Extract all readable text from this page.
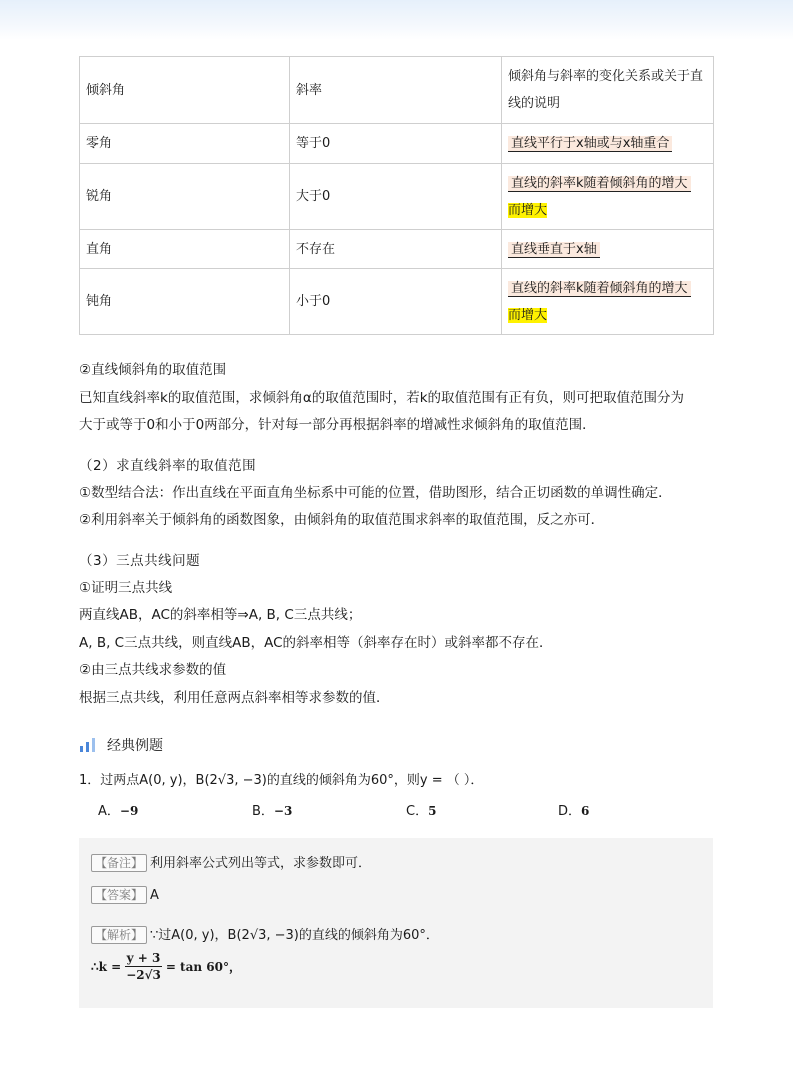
倾斜角	斜率	倾斜角与斜率的变化关系或关于直线的说明
零角	等于0	直线平行于x轴或与x轴重合
锐角	大于0	直线的斜率k随着倾斜角的增大
而增大
直角	不存在	直线垂直于x轴
钝角	小于0	直线的斜率k随着倾斜角的增大
而增大
②直线倾斜角的取值范围
已知直线斜率k的取值范围，求倾斜角α的取值范围时，若k的取值范围有正有负，则可把取值范围分为
大于或等于0和小于0两部分，针对每一部分再根据斜率的增减性求倾斜角的取值范围．
（2）求直线斜率的取值范围
①数型结合法：作出直线在平面直角坐标系中可能的位置，借助图形，结合正切函数的单调性确定．
②利用斜率关于倾斜角的函数图象，由倾斜角的取值范围求斜率的取值范围，反之亦可．
（3）三点共线问题
①证明三点共线
两直线AB，AC的斜率相等⇒A, B, C三点共线；
A, B, C三点共线，则直线AB，AC的斜率相等（斜率存在时）或斜率都不存在．
②由三点共线求参数的值
根据三点共线，利用任意两点斜率相等求参数的值．
经典例题
1．过两点A(0, y)，B(2√3, −3)的直线的倾斜角为60°，则y = （ ）．
A．−9	B．−3	C．5	D．6
【备注】 利用斜率公式列出等式，求参数即可．
【答案】 A
【解析】 ∵过A(0, y)，B(2√3, −3)的直线的倾斜角为60°．
∴k = $\frac{y + 3}{-2√3} = \tan 60^\circ$，
